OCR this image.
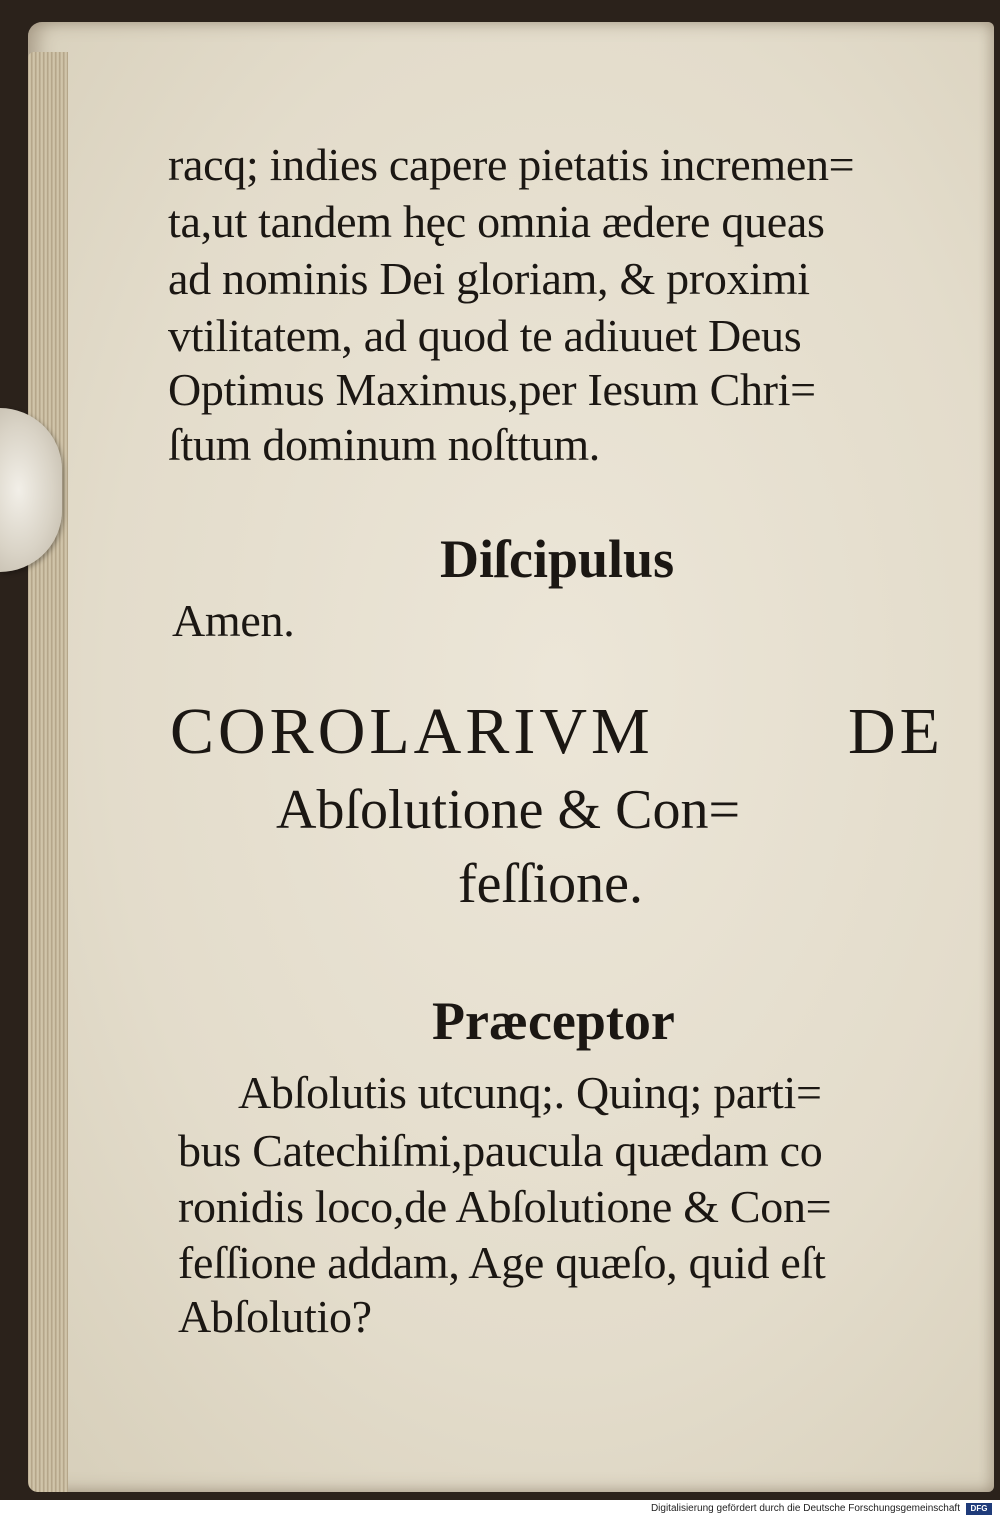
racq; indies capere pietatis incremen=
ta,ut tandem hęc omnia ædere queas
ad nominis Dei gloriam, & proximi
vtilitatem, ad quod te adiuuet Deus
Optimus Maximus,per Iesum Chri=
ſtum dominum noſttum.
Diſcipulus
Amen.
COROLARIVM	DE
Abſolutione & Con=
feſſione.
Præceptor
Abſolutis utcunq;. Quinq; parti=
bus Catechiſmi,paucula quædam co
ronidis loco,de Abſolutione & Con=
feſſione addam, Age quæſo, quid eſt
Abſolutio?
Digitalisierung gefördert durch die Deutsche Forschungsgemeinschaft	DFG
